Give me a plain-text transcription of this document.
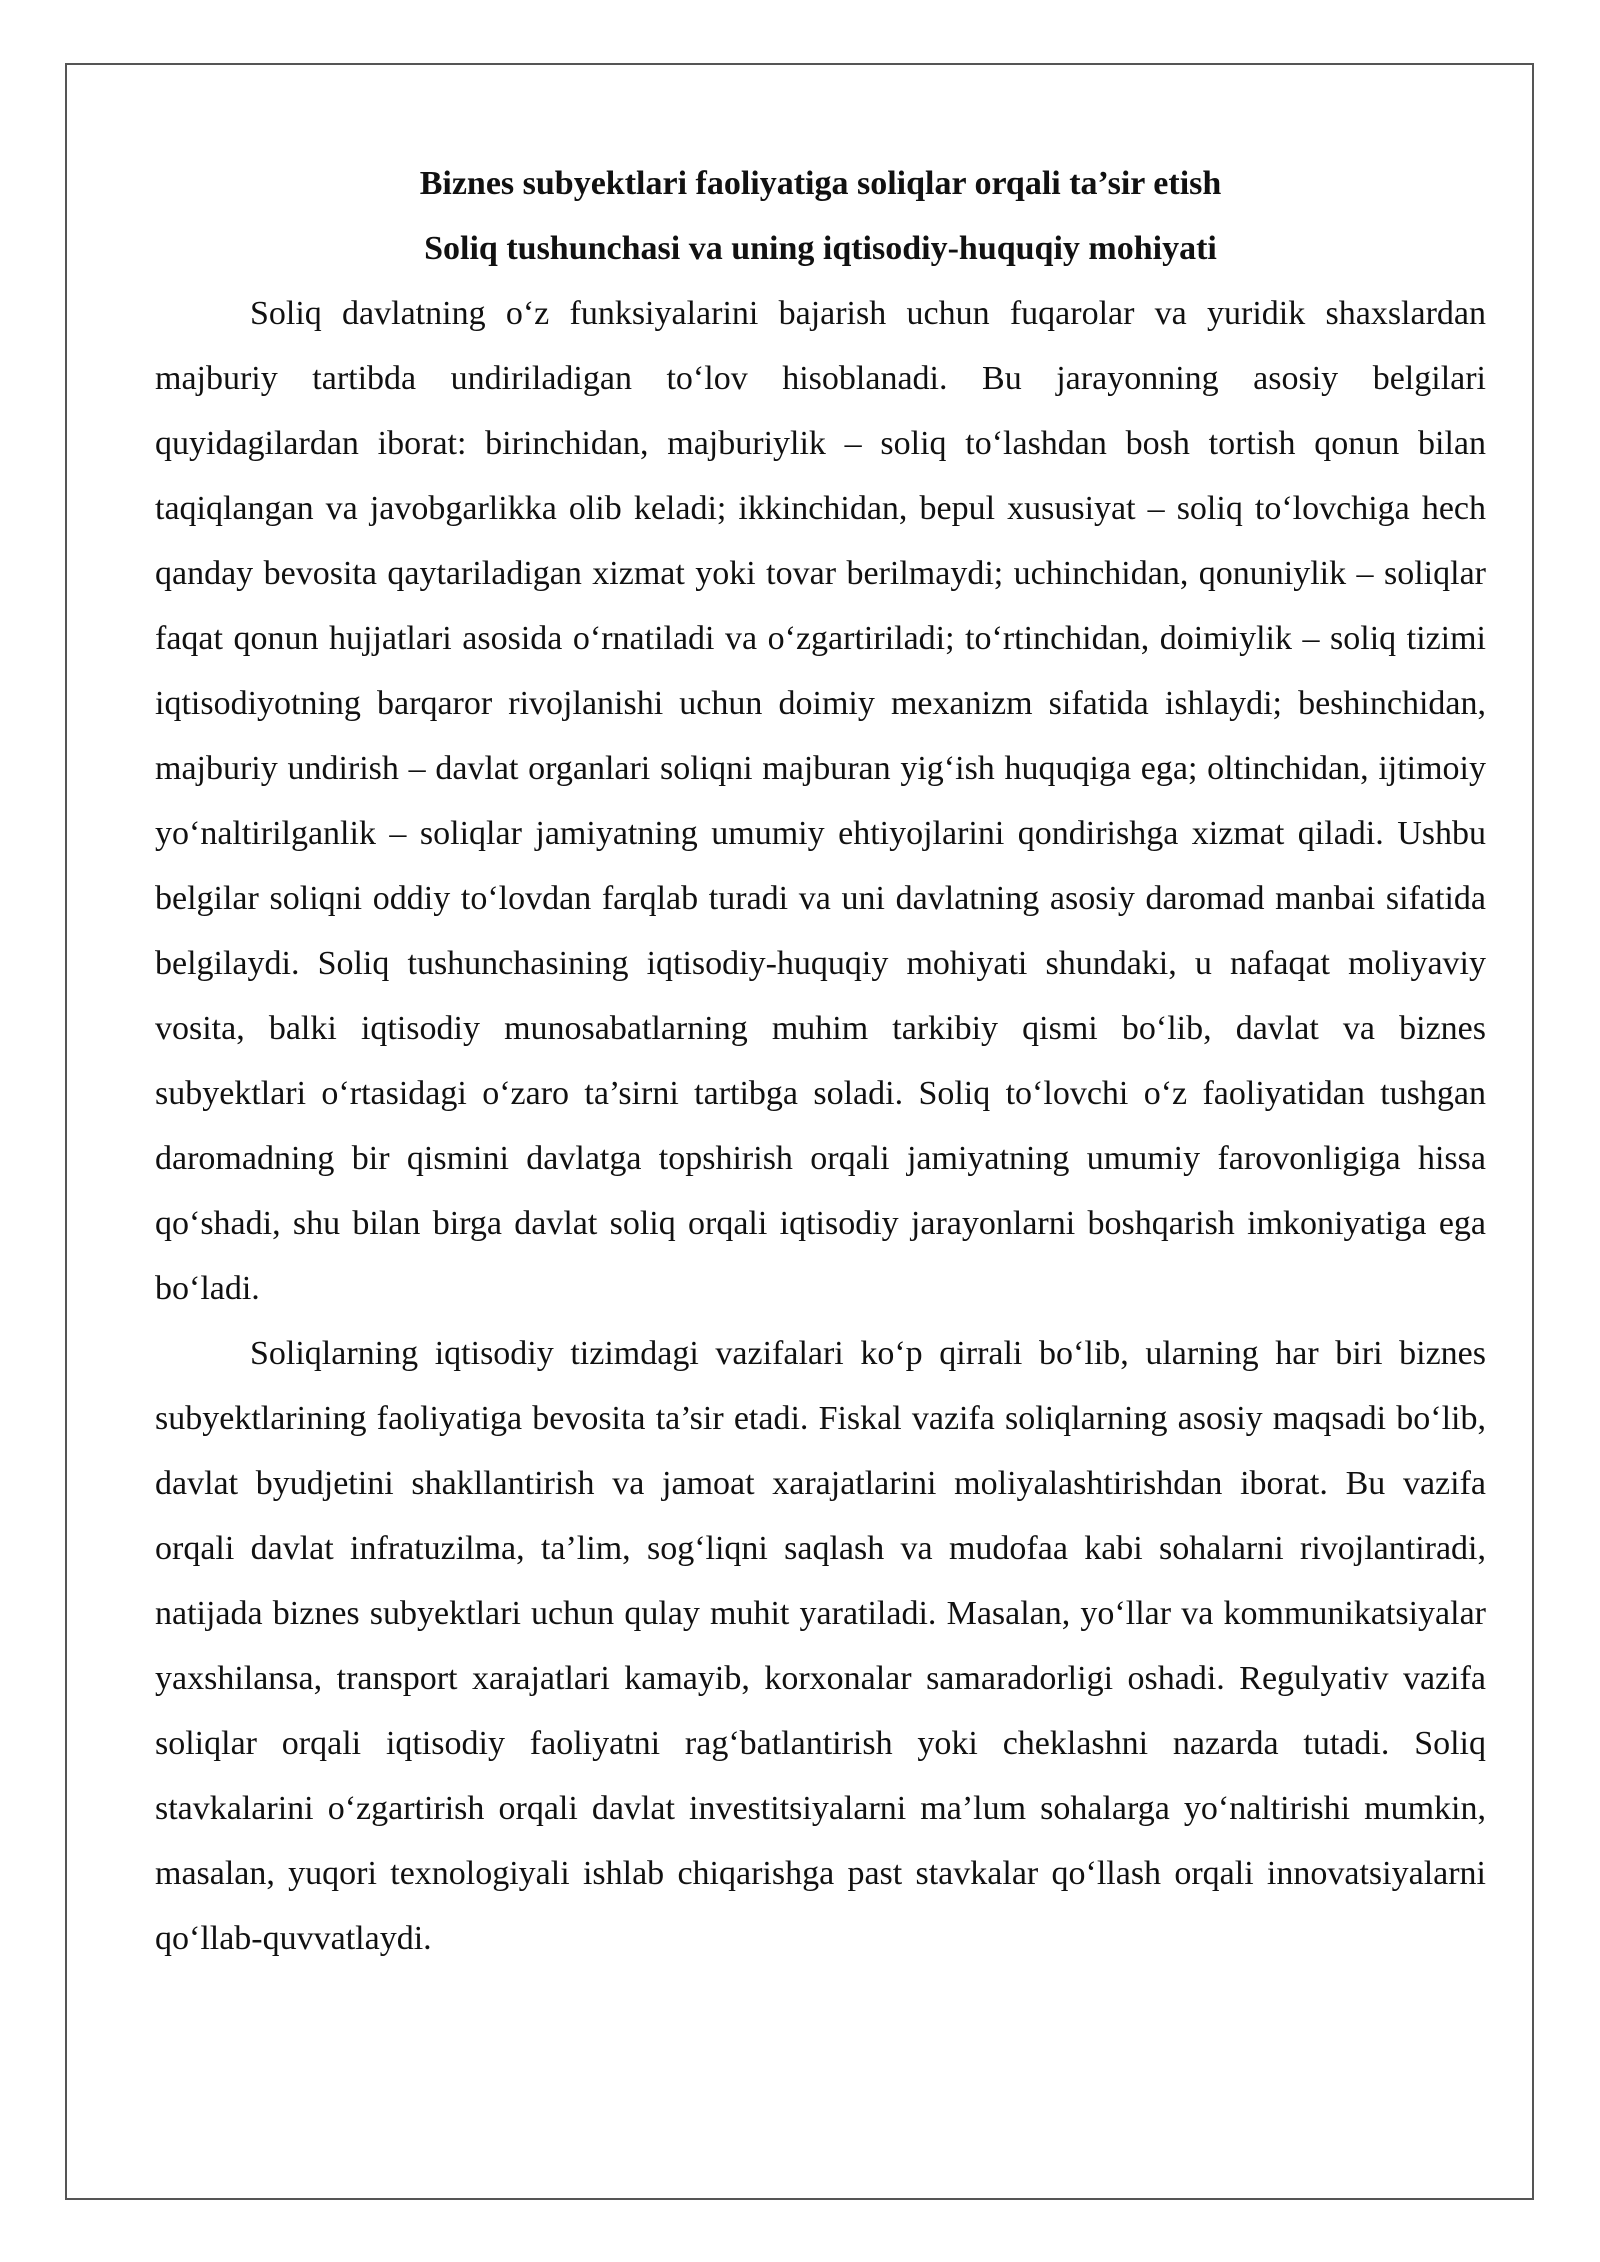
Biznes subyektlari faoliyatiga soliqlar orqali ta’sir etish
Soliq tushunchasi va uning iqtisodiy-huquqiy mohiyati

Soliq davlatning o‘z funksiyalarini bajarish uchun fuqarolar va yuridik shaxslardan majburiy tartibda undiriladigan to‘lov hisoblanadi. Bu jarayonning asosiy belgilari quyidagilardan iborat: birinchidan, majburiylik – soliq to‘lashdan bosh tortish qonun bilan taqiqlangan va javobgarlikka olib keladi; ikkinchidan, bepul xususiyat – soliq to‘lovchiga hech qanday bevosita qaytariladigan xizmat yoki tovar berilmaydi; uchinchidan, qonuniylik – soliqlar faqat qonun hujjatlari asosida o‘rnatiladi va o‘zgartiriladi; to‘rtinchidan, doimiylik – soliq tizimi iqtisodiyotning barqaror rivojlanishi uchun doimiy mexanizm sifatida ishlaydi; beshinchidan, majburiy undirish – davlat organlari soliqni majburan yig‘ish huquqiga ega; oltinchidan, ijtimoiy yo‘naltirilganlik – soliqlar jamiyatning umumiy ehtiyojlarini qondirishga xizmat qiladi. Ushbu belgilar soliqni oddiy to‘lovdan farqlab turadi va uni davlatning asosiy daromad manbai sifatida belgilaydi. Soliq tushunchasining iqtisodiy-huquqiy mohiyati shundaki, u nafaqat moliyaviy vosita, balki iqtisodiy munosabatlarning muhim tarkibiy qismi bo‘lib, davlat va biznes subyektlari o‘rtasidagi o‘zaro ta’sirni tartibga soladi. Soliq to‘lovchi o‘z faoliyatidan tushgan daromadning bir qismini davlatga topshirish orqali jamiyatning umumiy farovonligiga hissa qo‘shadi, shu bilan birga davlat soliq orqali iqtisodiy jarayonlarni boshqarish imkoniyatiga ega bo‘ladi.

Soliqlarning iqtisodiy tizimdagi vazifalari ko‘p qirrali bo‘lib, ularning har biri biznes subyektlarining faoliyatiga bevosita ta’sir etadi. Fiskal vazifa soliqlarning asosiy maqsadi bo‘lib, davlat byudjetini shakllantirish va jamoat xarajatlarini moliyalashtirishdan iborat. Bu vazifa orqali davlat infratuzilma, ta’lim, sog‘liqni saqlash va mudofaa kabi sohalarni rivojlantiradi, natijada biznes subyektlari uchun qulay muhit yaratiladi. Masalan, yo‘llar va kommunikatsiyalar yaxshilansa, transport xarajatlari kamayib, korxonalar samaradorligi oshadi. Regulyativ vazifa soliqlar orqali iqtisodiy faoliyatni rag‘batlantirish yoki cheklashni nazarda tutadi. Soliq stavkalarini o‘zgartirish orqali davlat investitsiyalarni ma’lum sohalarga yo‘naltirishi mumkin, masalan, yuqori texnologiyali ishlab chiqarishga past stavkalar qo‘llash orqali innovatsiyalarni qo‘llab-quvvatlaydi.
